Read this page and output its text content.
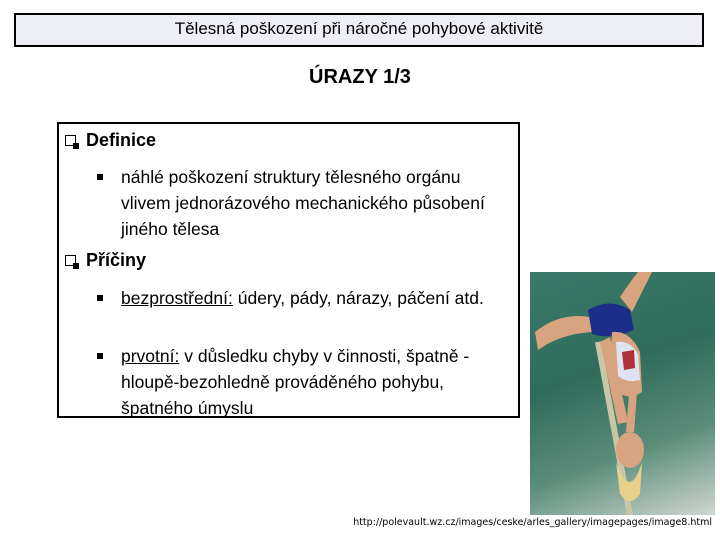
Tělesná poškození při náročné pohybové aktivitě
ÚRAZY 1/3
Definice
náhlé poškození struktury tělesného orgánu vlivem jednorázového mechanického působení jiného tělesa
Příčiny
bezprostřední: údery, pády, nárazy, páčení atd.
prvotní: v důsledku chyby v činnosti, špatně -hloupě-bezohledně prováděného pohybu, špatného úmyslu
http://polevault.wz.cz/images/ceske/arles_gallery/imagepages/image8.html
